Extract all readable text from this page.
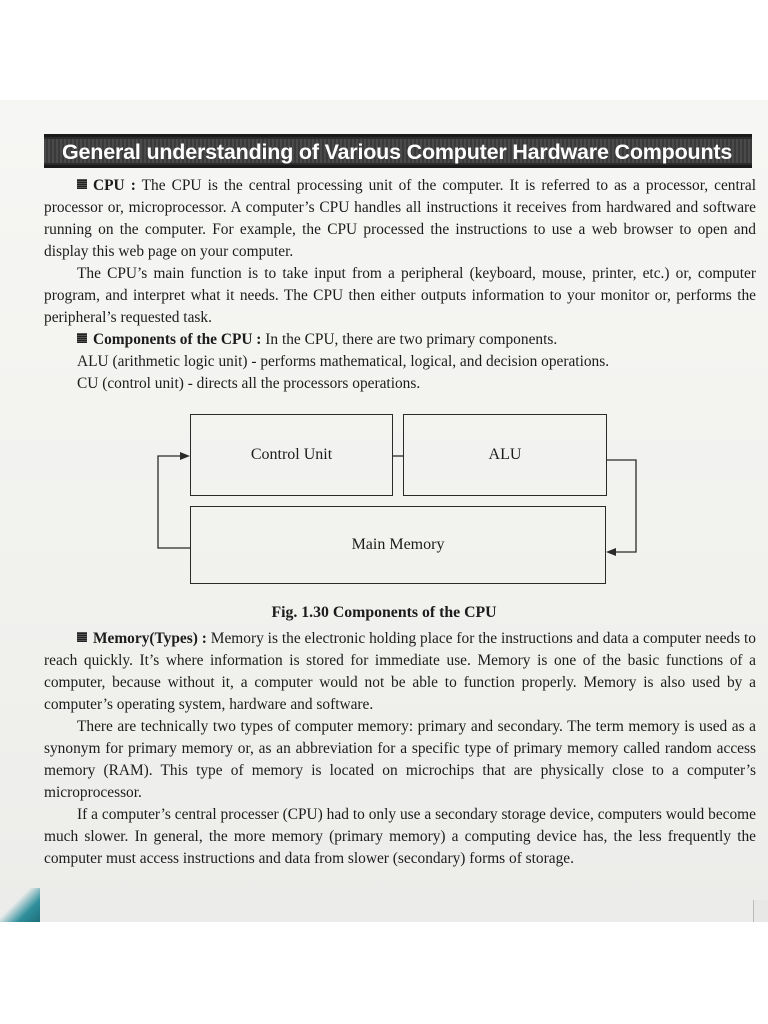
General understanding of Various Computer Hardware Compounts

CPU : The CPU is the central processing unit of the computer. It is referred to as a processor, central processor or, microprocessor. A computer’s CPU handles all instructions it receives from hardwared and software running on the computer. For example, the CPU processed the instructions to use a web browser to open and display this web page on your computer.

The CPU’s main function is to take input from a peripheral (keyboard, mouse, printer, etc.) or, computer program, and interpret what it needs. The CPU then either outputs information to your monitor or, performs the peripheral’s requested task.

Components of the CPU : In the CPU, there are two primary components.

ALU (arithmetic logic unit) - performs mathematical, logical, and decision operations.
CU (control unit) - directs all the processors operations.
Control Unit	ALU
Main Memory
Fig. 1.30 Components of the CPU

Memory(Types) : Memory is the electronic holding place for the instructions and data a computer needs to reach quickly. It’s where information is stored for immediate use. Memory is one of the basic functions of a computer, because without it, a computer would not be able to function properly. Memory is also used by a computer’s operating system, hardware and software.

There are technically two types of computer memory: primary and secondary. The term memory is used as a synonym for primary memory or, as an abbreviation for a specific type of primary memory called random access memory (RAM). This type of memory is located on microchips that are physically close to a computer’s microprocessor.

If a computer’s central processer (CPU) had to only use a secondary storage device, computers would become much slower. In general, the more memory (primary memory) a computing device has, the less frequently the computer must access instructions and data from slower (secondary) forms of storage.
